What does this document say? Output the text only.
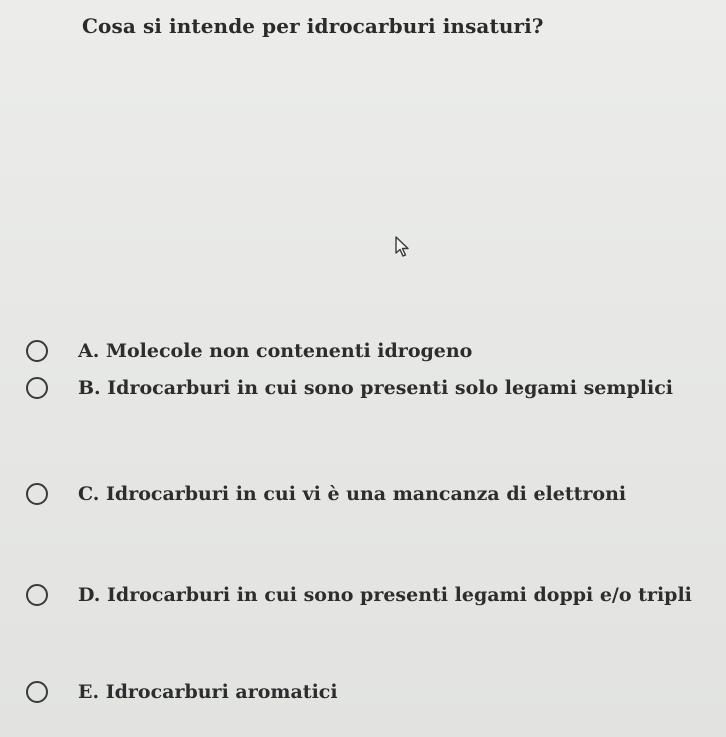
Cosa si intende per idrocarburi insaturi?
A. Molecole non contenenti idrogeno
B. Idrocarburi in cui sono presenti solo legami semplici
C. Idrocarburi in cui vi è una mancanza di elettroni
D. Idrocarburi in cui sono presenti legami doppi e/o tripli
E. Idrocarburi aromatici
